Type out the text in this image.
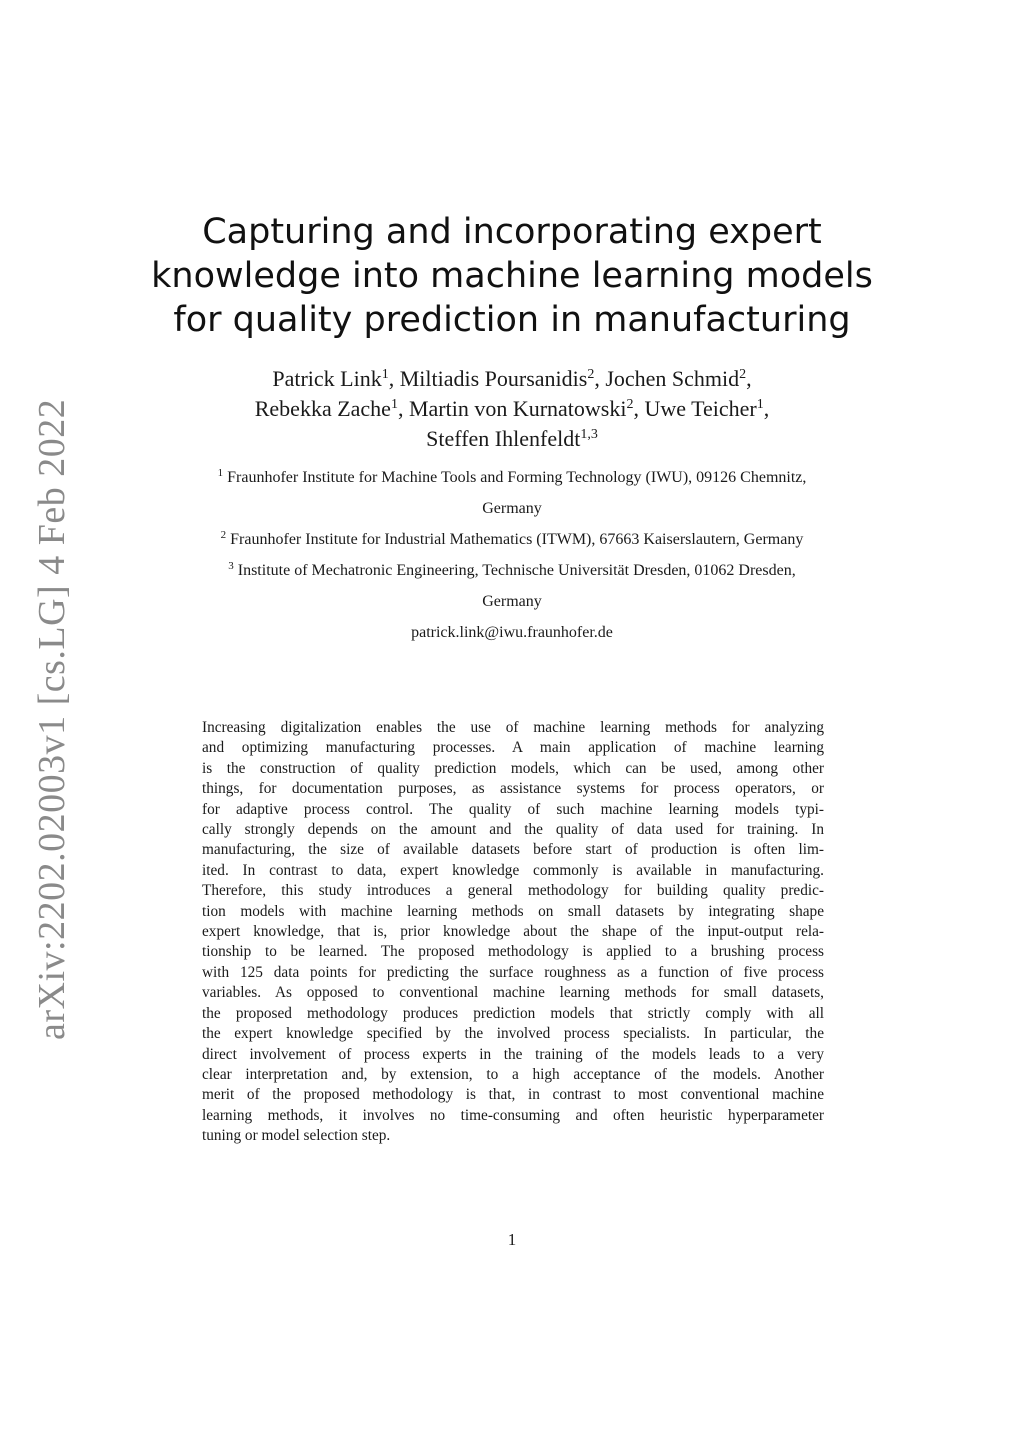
arXiv:2202.02003v1 [cs.LG] 4 Feb 2022
Capturing and incorporating expert
knowledge into machine learning models
for quality prediction in manufacturing
Patrick Link$^1$, Miltiadis Poursanidis$^2$, Jochen Schmid$^2$,
Rebekka Zache$^1$, Martin von Kurnatowski$^2$, Uwe Teicher$^1$,
Steffen Ihlenfeldt$^{1,3}$
$^1$ Fraunhofer Institute for Machine Tools and Forming Technology (IWU), 09126 Chemnitz,
Germany
$^2$ Fraunhofer Institute for Industrial Mathematics (ITWM), 67663 Kaiserslautern, Germany
$^3$ Institute of Mechatronic Engineering, Technische Universität Dresden, 01062 Dresden,
Germany
patrick.link@iwu.fraunhofer.de
Increasing digitalization enables the use of machine learning methods for analyzing
and optimizing manufacturing processes. A main application of machine learning
is the construction of quality prediction models, which can be used, among other
things, for documentation purposes, as assistance systems for process operators, or
for adaptive process control. The quality of such machine learning models typi-
cally strongly depends on the amount and the quality of data used for training. In
manufacturing, the size of available datasets before start of production is often lim-
ited. In contrast to data, expert knowledge commonly is available in manufacturing.
Therefore, this study introduces a general methodology for building quality predic-
tion models with machine learning methods on small datasets by integrating shape
expert knowledge, that is, prior knowledge about the shape of the input-output rela-
tionship to be learned. The proposed methodology is applied to a brushing process
with 125 data points for predicting the surface roughness as a function of five process
variables. As opposed to conventional machine learning methods for small datasets,
the proposed methodology produces prediction models that strictly comply with all
the expert knowledge specified by the involved process specialists. In particular, the
direct involvement of process experts in the training of the models leads to a very
clear interpretation and, by extension, to a high acceptance of the models. Another
merit of the proposed methodology is that, in contrast to most conventional machine
learning methods, it involves no time-consuming and often heuristic hyperparameter
tuning or model selection step.
1
